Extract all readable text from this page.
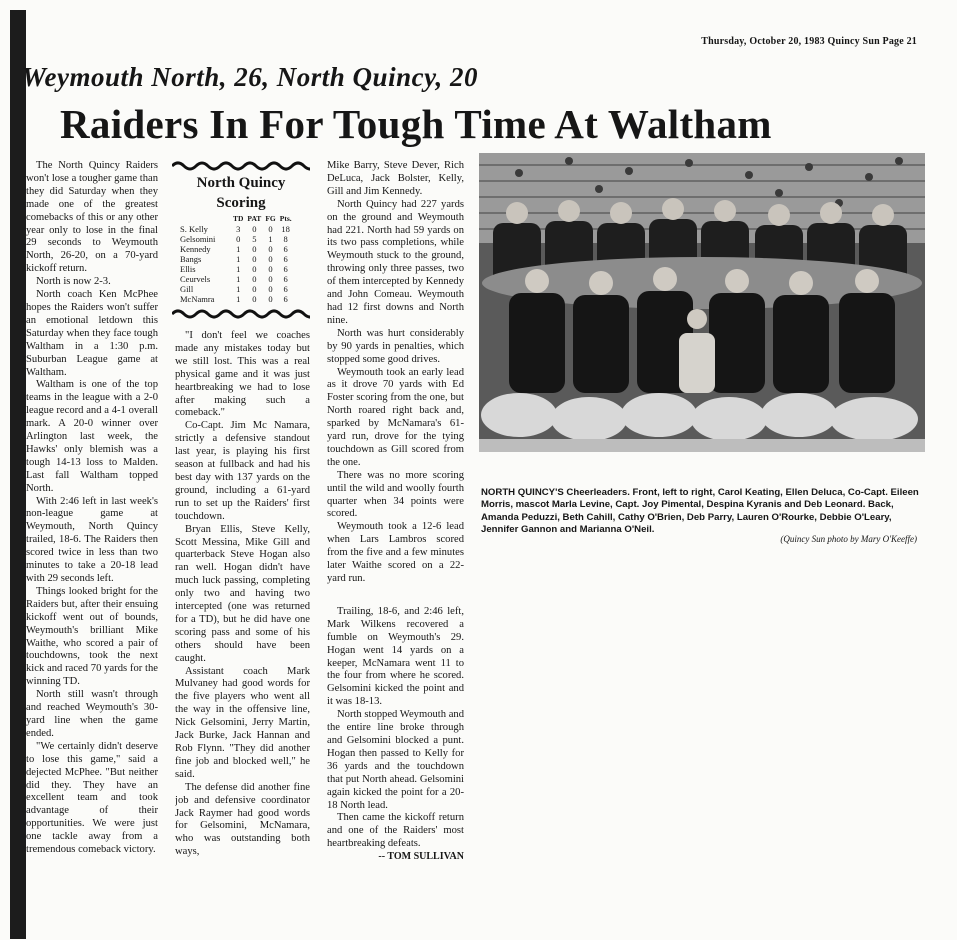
Thursday, October 20, 1983 Quincy Sun Page 21
Weymouth North, 26, North Quincy, 20
Raiders In For Tough Time At Waltham

The North Quincy Raiders won't lose a tougher game than they did Saturday when they made one of the greatest comebacks of this or any other year only to lose in the final 29 seconds to Weymouth North, 26-20, on a 70-yard kickoff return.

North is now 2-3.

North coach Ken McPhee hopes the Raiders won't suffer an emotional letdown this Saturday when they face tough Waltham in a 1:30 p.m. Suburban League game at Waltham.

Waltham is one of the top teams in the league with a 2-0 league record and a 4-1 overall mark. A 20-0 winner over Arlington last week, the Hawks' only blemish was a tough 14-13 loss to Malden. Last fall Waltham topped North.

With 2:46 left in last week's non-league game at Weymouth, North Quincy trailed, 18-6. The Raiders then scored twice in less than two minutes to take a 20-18 lead with 29 seconds left.

Things looked bright for the Raiders but, after their ensuing kickoff went out of bounds, Weymouth's brilliant Mike Waithe, who scored a pair of touchdowns, took the next kick and raced 70 yards for the winning TD.

North still wasn't through and reached Weymouth's 30-yard line when the game ended.

"We certainly didn't deserve to lose this game," said a dejected McPhee. "But neither did they. They have an excellent team and took advantage of their opportunities. We were just one tackle away from a tremendous comeback victory.

North Quincy
Scoring
	TD	PAT	FG	Pts.
S. Kelly	3	0	0	18
Gelsomini	0	5	1	8
Kennedy	1	0	0	6
Bangs	1	0	0	6
Ellis	1	0	0	6
Ceurvels	1	0	0	6
Gill	1	0	0	6
McNamra	1	0	0	6

"I don't feel we coaches made any mistakes today but we still lost. This was a real physical game and it was just heartbreaking we had to lose after making such a comeback."

Co-Capt. Jim Mc Namara, strictly a defensive standout last year, is playing his first season at fullback and had his best day with 137 yards on the ground, including a 61-yard run to set up the Raiders' first touchdown.

Bryan Ellis, Steve Kelly, Scott Messina, Mike Gill and quarterback Steve Hogan also ran well. Hogan didn't have much luck passing, completing only two and having two intercepted (one was returned for a TD), but he did have one scoring pass and some of his others should have been caught.

Assistant coach Mark Mulvaney had good words for the five players who went all the way in the offensive line, Nick Gelsomini, Jerry Martin, Jack Burke, Jack Hannan and Rob Flynn. "They did another fine job and blocked well," he said.

The defense did another fine job and defensive coordinator Jack Raymer had good words for Gelsomini, McNamara, who was outstanding both ways,

Mike Barry, Steve Dever, Rich DeLuca, Jack Bolster, Kelly, Gill and Jim Kennedy.

North Quincy had 227 yards on the ground and Weymouth had 221. North had 59 yards on its two pass completions, while Weymouth stuck to the ground, throwing only three passes, two of them intercepted by Kennedy and John Comeau. Weymouth had 12 first downs and North nine.

North was hurt considerably by 90 yards in penalties, which stopped some good drives.

Weymouth took an early lead as it drove 70 yards with Ed Foster scoring from the one, but North roared right back and, sparked by McNamara's 61-yard run, drove for the tying touchdown as Gill scored from the one.

There was no more scoring until the wild and woolly fourth quarter when 34 points were scored.

Weymouth took a 12-6 lead when Lars Lambros scored from the five and a few minutes later Waithe scored on a 22-yard run.

Trailing, 18-6, and 2:46 left, Mark Wilkens recovered a fumble on Weymouth's 29. Hogan went 14 yards on a keeper, McNamara went 11 to the four from where he scored. Gelsomini kicked the point and it was 18-13.

North stopped Weymouth and the entire line broke through and Gelsomini blocked a punt. Hogan then passed to Kelly for 36 yards and the touchdown that put North ahead. Gelsomini again kicked the point for a 20-18 North lead.

Then came the kickoff return and one of the Raiders' most heartbreaking defeats.

-- TOM SULLIVAN
NORTH QUINCY'S Cheerleaders. Front, left to right, Carol Keating, Ellen Deluca, Co-Capt. Eileen Morris, mascot Marla Levine, Capt. Joy Pimental, Despina Kyranis and Deb Leonard. Back, Amanda Peduzzi, Beth Cahill, Cathy O'Brien, Deb Parry, Lauren O'Rourke, Debbie O'Leary, Jennifer Gannon and Marianna O'Neil.
(Quincy Sun photo by Mary O'Keeffe)
